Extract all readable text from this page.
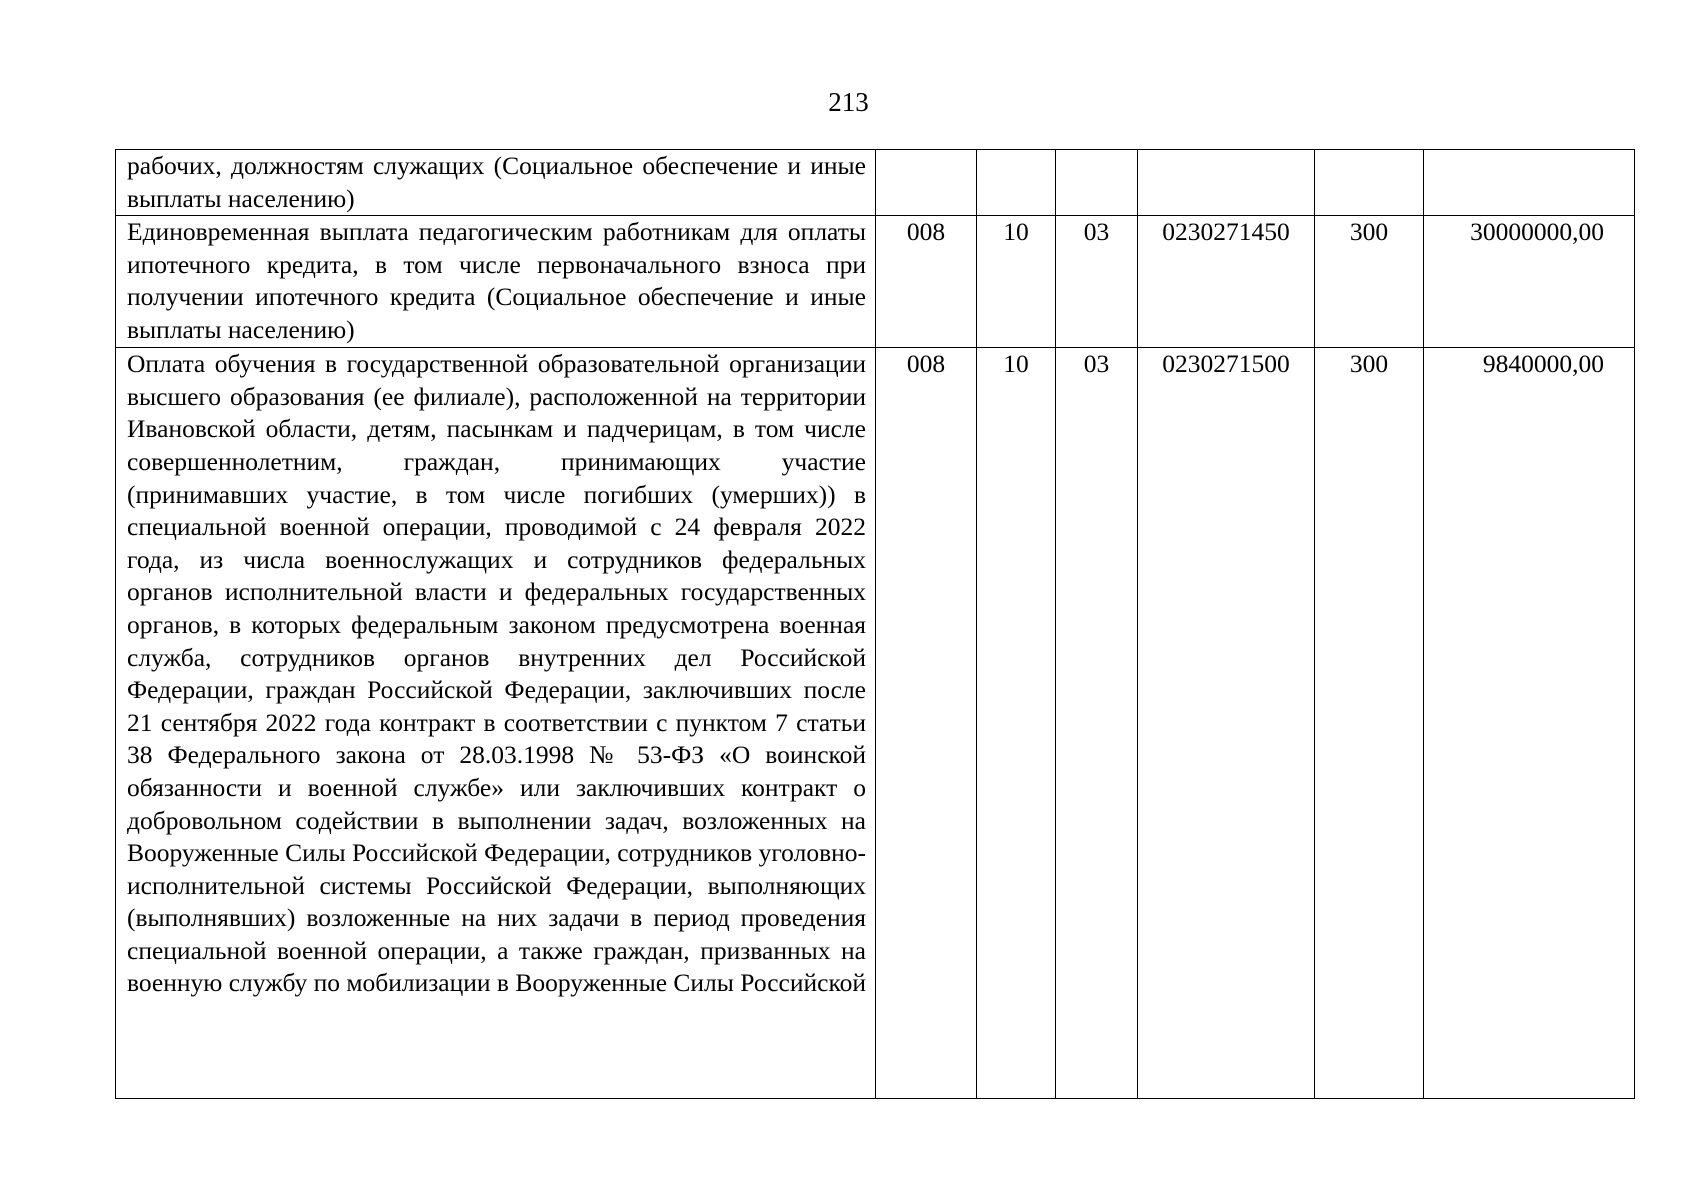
213
рабочих, должностям служащих (Социальное обеспечение и иные выплаты населению)						
Единовременная выплата педагогическим работникам для оплаты ипотечного кредита, в том числе первоначального взноса при получении ипотечного кредита (Социальное обеспечение и иные выплаты населению)	008	10	03	0230271450	300	30000000,00
Оплата обучения в государственной образовательной организации высшего образования (ее филиале), расположенной на территории Ивановской области, детям, пасынкам и падчерицам, в том числе совершеннолетним, граждан, принимающих участие (принимавших участие, в том числе погибших (умерших)) в специальной военной операции, проводимой с 24 февраля 2022 года, из числа военнослужащих и сотрудников федеральных органов исполнительной власти и федеральных государственных органов, в которых федеральным законом предусмотрена военная служба, сотрудников органов внутренних дел Российской Федерации, граждан Российской Федерации, заключивших после 21 сентября 2022 года контракт в соответствии с пунктом 7 статьи 38 Федерального закона от 28.03.1998 № 53-ФЗ «О воинской обязанности и военной службе» или заключивших контракт о добровольном содействии в выполнении задач, возложенных на Вооруженные Силы Российской Федерации, сотрудников уголовно-исполнительной системы Российской Федерации, выполняющих (выполнявших) возложенные на них задачи в период проведения специальной военной операции, а также граждан, призванных на военную службу по мобилизации в Вооруженные Силы Российской	008	10	03	0230271500	300	9840000,00
